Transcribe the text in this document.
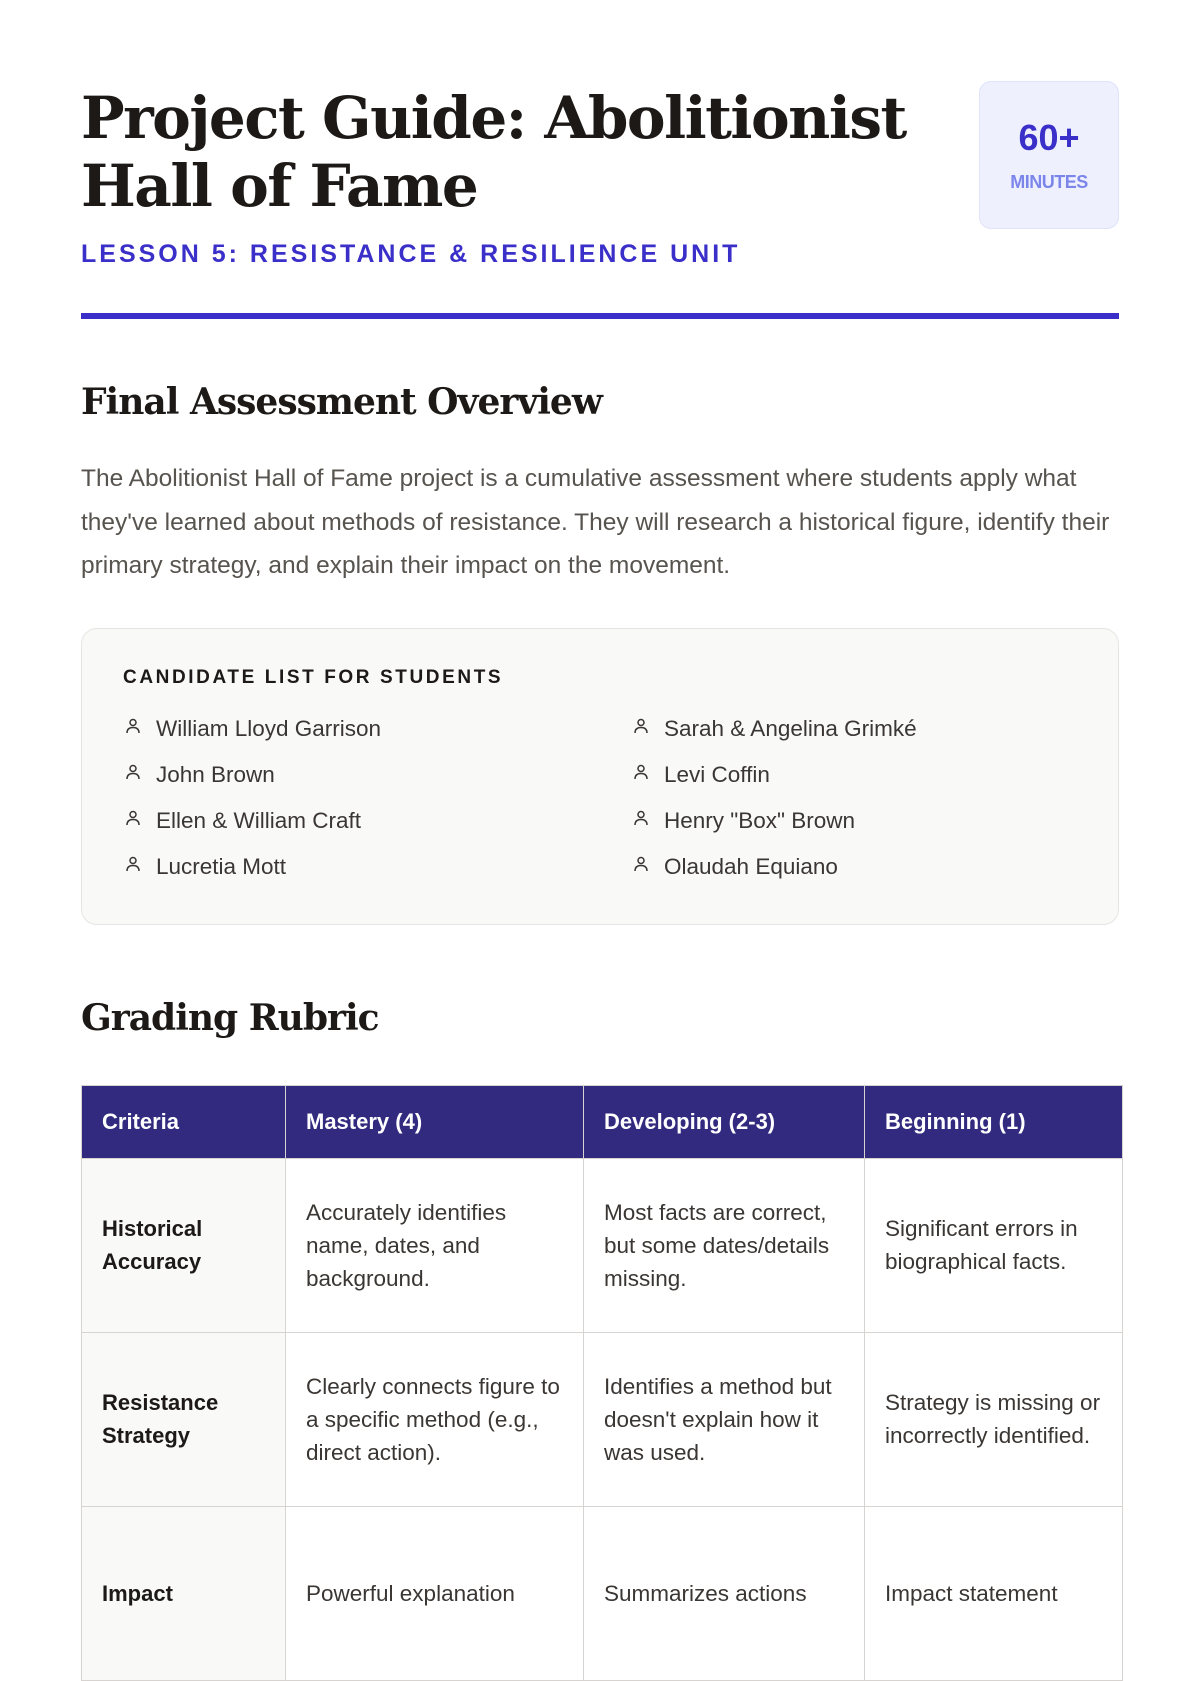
Project Guide: Abolitionist Hall of Fame
LESSON 5: RESISTANCE & RESILIENCE UNIT
60+
MINUTES
Final Assessment Overview

The Abolitionist Hall of Fame project is a cumulative assessment where students apply what they've learned about methods of resistance. They will research a historical figure, identify their primary strategy, and explain their impact on the movement.

CANDIDATE LIST FOR STUDENTS
William Lloyd Garrison	Sarah & Angelina Grimké
John Brown	Levi Coffin
Ellen & William Craft	Henry "Box" Brown
Lucretia Mott	Olaudah Equiano
Grading Rubric
Criteria	Mastery (4)	Developing (2-3)	Beginning (1)
Historical Accuracy	Accurately identifies name, dates, and background.	Most facts are correct, but some dates/details missing.	Significant errors in biographical facts.
Resistance Strategy	Clearly connects figure to a specific method (e.g., direct action).	Identifies a method but doesn't explain how it was used.	Strategy is missing or incorrectly identified.
Impact	Powerful explanation	Summarizes actions	Impact statement
